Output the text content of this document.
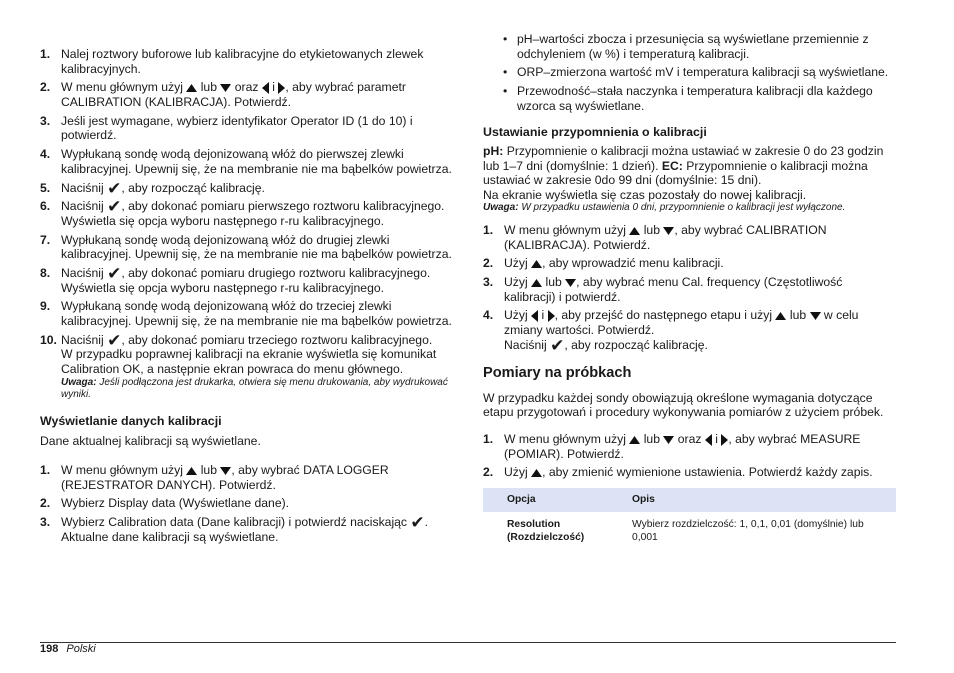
1. Nalej roztwory buforowe lub kalibracyjne do etykietowanych zlewek kalibracyjnych.
2. W menu głównym użyj lub oraz i , aby wybrać parametr CALIBRATION (KALIBRACJA). Potwierdź.
3. Jeśli jest wymagane, wybierz identyfikator Operator ID (1 do 10) i potwierdź.
4. Wypłukaną sondę wodą dejonizowaną włóż do pierwszej zlewki kalibracyjnej. Upewnij się, że na membranie nie ma bąbelków powietrza.
5. Naciśnij ✔, aby rozpocząć kalibrację.
6. Naciśnij ✔, aby dokonać pomiaru pierwszego roztworu kalibracyjnego.
Wyświetla się opcja wyboru następnego r-ru kalibracyjnego.
7. Wypłukaną sondę wodą dejonizowaną włóż do drugiej zlewki kalibracyjnej. Upewnij się, że na membranie nie ma bąbelków powietrza.
8. Naciśnij ✔, aby dokonać pomiaru drugiego roztworu kalibracyjnego.
Wyświetla się opcja wyboru następnego r-ru kalibracyjnego.
9. Wypłukaną sondę wodą dejonizowaną włóż do trzeciej zlewki kalibracyjnej. Upewnij się, że na membranie nie ma bąbelków powietrza.
10. Naciśnij ✔, aby dokonać pomiaru trzeciego roztworu kalibracyjnego.
W przypadku poprawnej kalibracji na ekranie wyświetla się komunikat Calibration OK, a następnie ekran powraca do menu głównego.
Uwaga: Jeśli podłączona jest drukarka, otwiera się menu drukowania, aby wydrukować wyniki.
Wyświetlanie danych kalibracji

Dane aktualnej kalibracji są wyświetlane.

1. W menu głównym użyj lub , aby wybrać DATA LOGGER (REJESTRATOR DANYCH). Potwierdź.
2. Wybierz Display data (Wyświetlane dane).
3. Wybierz Calibration data (Dane kalibracji) i potwierdź naciskając ✔.
Aktualne dane kalibracji są wyświetlane.
• pH–wartości zbocza i przesunięcia są wyświetlane przemiennie z odchyleniem (w %) i temperaturą kalibracji.
• ORP–zmierzona wartość mV i temperatura kalibracji są wyświetlane.
• Przewodność–stała naczynka i temperatura kalibracji dla każdego wzorca są wyświetlane.
Ustawianie przypomnienia o kalibracji

pH: Przypomnienie o kalibracji można ustawiać w zakresie 0 do 23 godzin lub 1–7 dni (domyślnie: 1 dzień). EC: Przypomnienie o kalibracji można ustawiać w zakresie 0do 99 dni (domyślnie: 15 dni).
Na ekranie wyświetla się czas pozostały do nowej kalibracji.

Uwaga: W przypadku ustawienia 0 dni, przypomnienie o kalibracji jest wyłączone.
1. W menu głównym użyj lub , aby wybrać CALIBRATION (KALIBRACJA). Potwierdź.
2. Użyj , aby wprowadzić menu kalibracji.
3. Użyj lub , aby wybrać menu Cal. frequency (Częstotliwość kalibracji) i potwierdź.
4. Użyj i , aby przejść do następnego etapu i użyj lub w celu zmiany wartości. Potwierdź.
Naciśnij ✔, aby rozpocząć kalibrację.
Pomiary na próbkach

W przypadku każdej sondy obowiązują określone wymagania dotyczące etapu przygotowań i procedury wykonywania pomiarów z użyciem próbek.

1. W menu głównym użyj lub oraz i , aby wybrać MEASURE (POMIAR). Potwierdź.
2. Użyj , aby zmienić wymienione ustawienia. Potwierdź każdy zapis.
Opcja	Opis
Resolution (Rozdzielczość)	Wybierz rozdzielczość: 1, 0,1, 0,01 (domyślnie) lub 0,001
198 Polski
